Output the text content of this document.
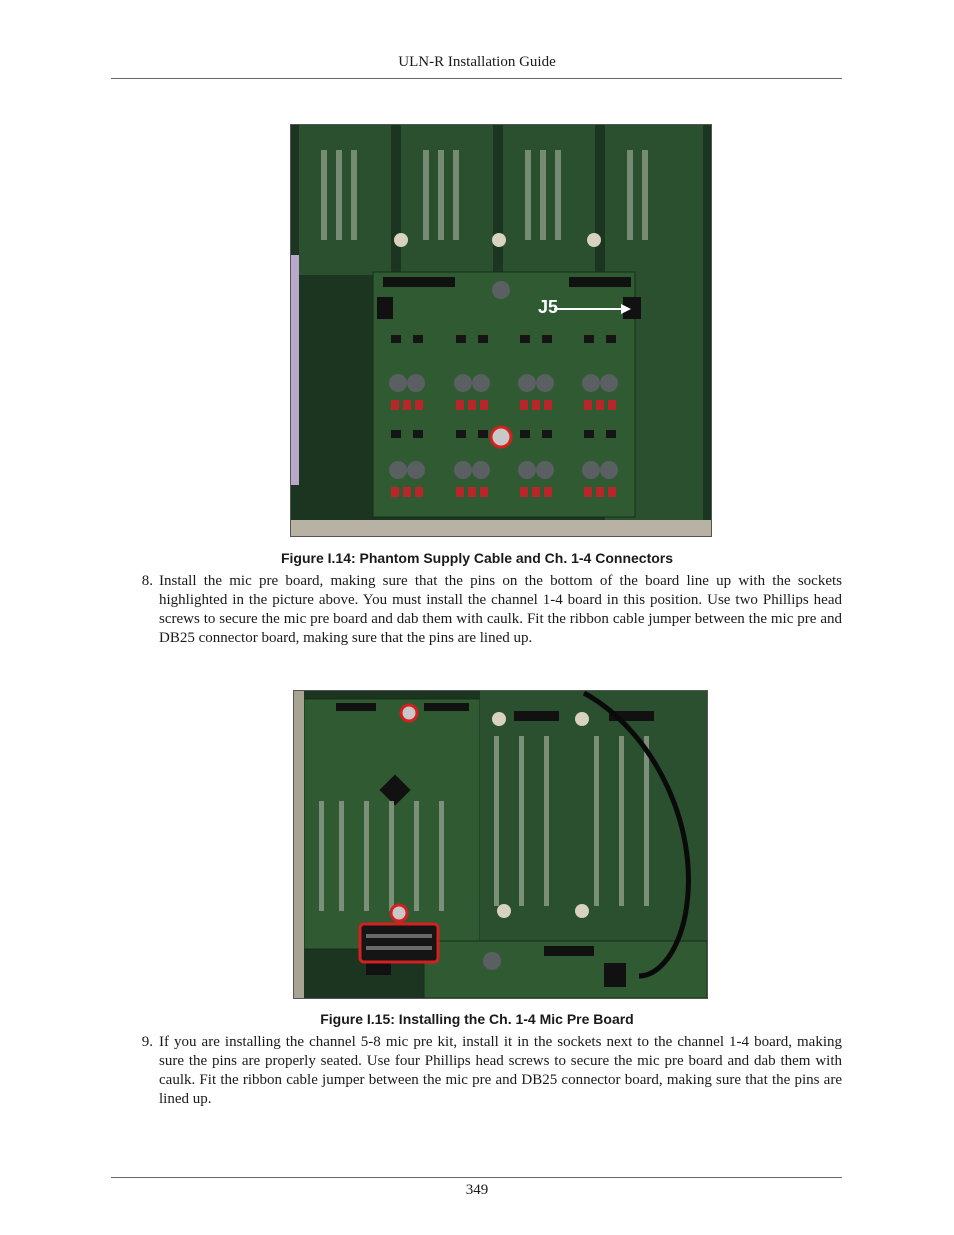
ULN-R Installation Guide
J5
Figure I.14: Phantom Supply Cable and Ch. 1-4 Connectors
8. Install the mic pre board, making sure that the pins on the bottom of the board line up with the sockets highlighted in the picture above. You must install the channel 1-4 board in this position. Use two Phillips head screws to secure the mic pre board and dab them with caulk. Fit the ribbon cable jumper between the mic pre and DB25 connector board, making sure that the pins are lined up.
Figure I.15: Installing the Ch. 1-4 Mic Pre Board
9. If you are installing the channel 5-8 mic pre kit, install it in the sockets next to the channel 1-4 board, making sure the pins are properly seated. Use four Phillips head screws to secure the mic pre board and dab them with caulk. Fit the ribbon cable jumper between the mic pre and DB25 connector board, making sure that the pins are lined up.
349
